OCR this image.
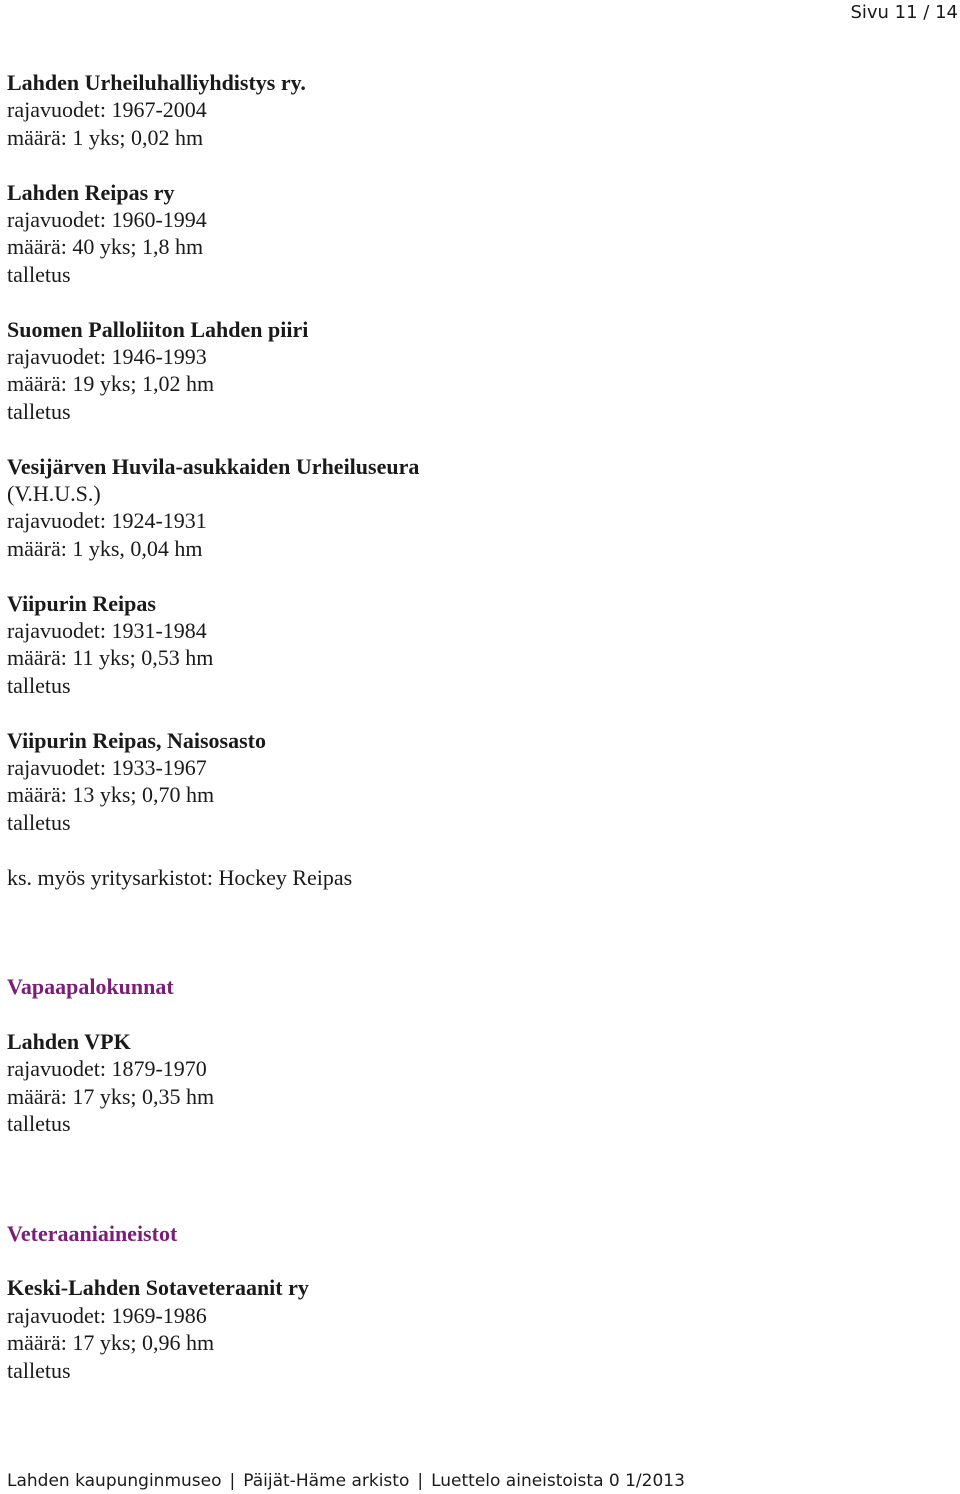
Sivu 11 / 14
Lahden Urheiluhalliyhdistys ry.
rajavuodet: 1967-2004
määrä: 1 yks; 0,02 hm
Lahden Reipas ry
rajavuodet: 1960-1994
määrä: 40 yks; 1,8 hm
talletus
Suomen Palloliiton Lahden piiri
rajavuodet: 1946-1993
määrä: 19 yks; 1,02 hm
talletus
Vesijärven Huvila-asukkaiden Urheiluseura
(V.H.U.S.)
rajavuodet: 1924-1931
määrä: 1 yks, 0,04 hm
Viipurin Reipas
rajavuodet: 1931-1984
määrä: 11 yks; 0,53 hm
talletus
Viipurin Reipas, Naisosasto
rajavuodet: 1933-1967
määrä: 13 yks; 0,70 hm
talletus
ks. myös yritysarkistot: Hockey Reipas
Vapaapalokunnat
Lahden VPK
rajavuodet: 1879-1970
määrä: 17 yks; 0,35 hm
talletus
Veteraaniaineistot
Keski-Lahden Sotaveteraanit ry
rajavuodet: 1969-1986
määrä: 17 yks; 0,96 hm
talletus
Lahden kaupunginmuseo | Päijät-Häme arkisto | Luettelo aineistoista 0 1/2013
